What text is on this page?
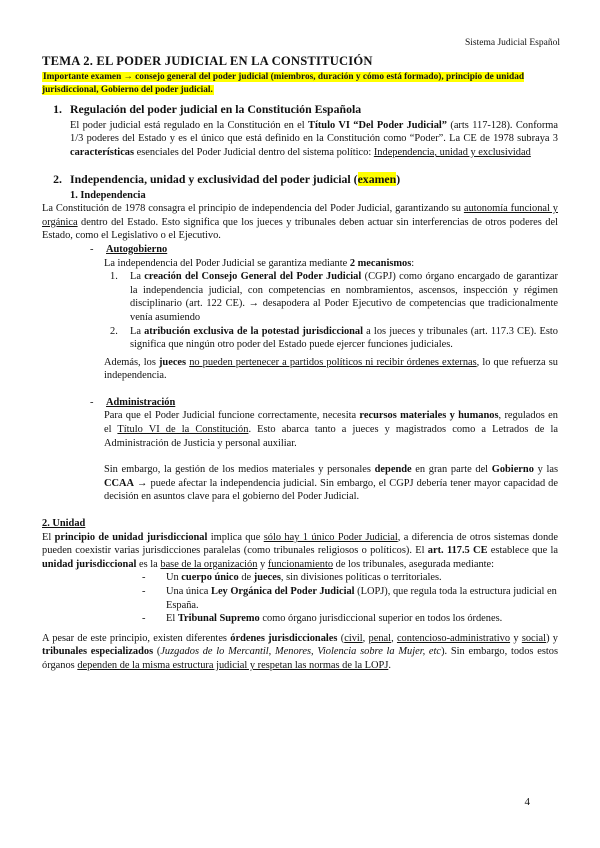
Sistema Judicial Español
TEMA 2. EL PODER JUDICIAL EN LA CONSTITUCIÓN
Importante examen → consejo general del poder judicial (miembros, duración y cómo está formado), principio de unidad jurisdiccional, Gobierno del poder judicial.
1. Regulación del poder judicial en la Constitución Española
El poder judicial está regulado en la Constitución en el Título VI “Del Poder Judicial” (arts 117-128). Conforma 1/3 poderes del Estado y es el único que está definido en la Constitución como “Poder”. La CE de 1978 subraya 3 características esenciales del Poder Judicial dentro del sistema político: Independencia, unidad y exclusividad
2. Independencia, unidad y exclusividad del poder judicial (examen)
1. Independencia
La Constitución de 1978 consagra el principio de independencia del Poder Judicial, garantizando su autonomía funcional y orgánica dentro del Estado. Esto significa que los jueces y tribunales deben actuar sin interferencias de otros poderes del Estado, como el Legislativo o el Ejecutivo.
-	Autogobierno
La independencia del Poder Judicial se garantiza mediante 2 mecanismos:
1.	La creación del Consejo General del Poder Judicial (CGPJ) como órgano encargado de garantizar la independencia judicial, con competencias en nombramientos, ascensos, inspección y régimen disciplinario (art. 122 CE). → desapodera al Poder Ejecutivo de competencias que tradicionalmente venía asumiendo
2.	La atribución exclusiva de la potestad jurisdiccional a los jueces y tribunales (art. 117.3 CE). Esto significa que ningún otro poder del Estado puede ejercer funciones judiciales.
Además, los jueces no pueden pertenecer a partidos políticos ni recibir órdenes externas, lo que refuerza su independencia.
-	Administración
Para que el Poder Judicial funcione correctamente, necesita recursos materiales y humanos, regulados en el Título VI de la Constitución. Esto abarca tanto a jueces y magistrados como a Letrados de la Administración de Justicia y personal auxiliar.
Sin embargo, la gestión de los medios materiales y personales depende en gran parte del Gobierno y las CCAA → puede afectar la independencia judicial. Sin embargo, el CGPJ debería tener mayor capacidad de decisión en asuntos clave para el gobierno del Poder Judicial.
2. Unidad
El principio de unidad jurisdiccional implica que sólo hay 1 único Poder Judicial, a diferencia de otros sistemas donde pueden coexistir varias jurisdicciones paralelas (como tribunales religiosos o políticos). El art. 117.5 CE establece que la unidad jurisdiccional es la base de la organización y funcionamiento de los tribunales, asegurada mediante:
-	Un cuerpo único de jueces, sin divisiones políticas o territoriales.
-	Una única Ley Orgánica del Poder Judicial (LOPJ), que regula toda la estructura judicial en España.
-	El Tribunal Supremo como órgano jurisdiccional superior en todos los órdenes.
A pesar de este principio, existen diferentes órdenes jurisdiccionales (civil, penal, contencioso-administrativo y social) y tribunales especializados (Juzgados de lo Mercantil, Menores, Violencia sobre la Mujer, etc). Sin embargo, todos estos órganos dependen de la misma estructura judicial y respetan las normas de la LOPJ.
4
